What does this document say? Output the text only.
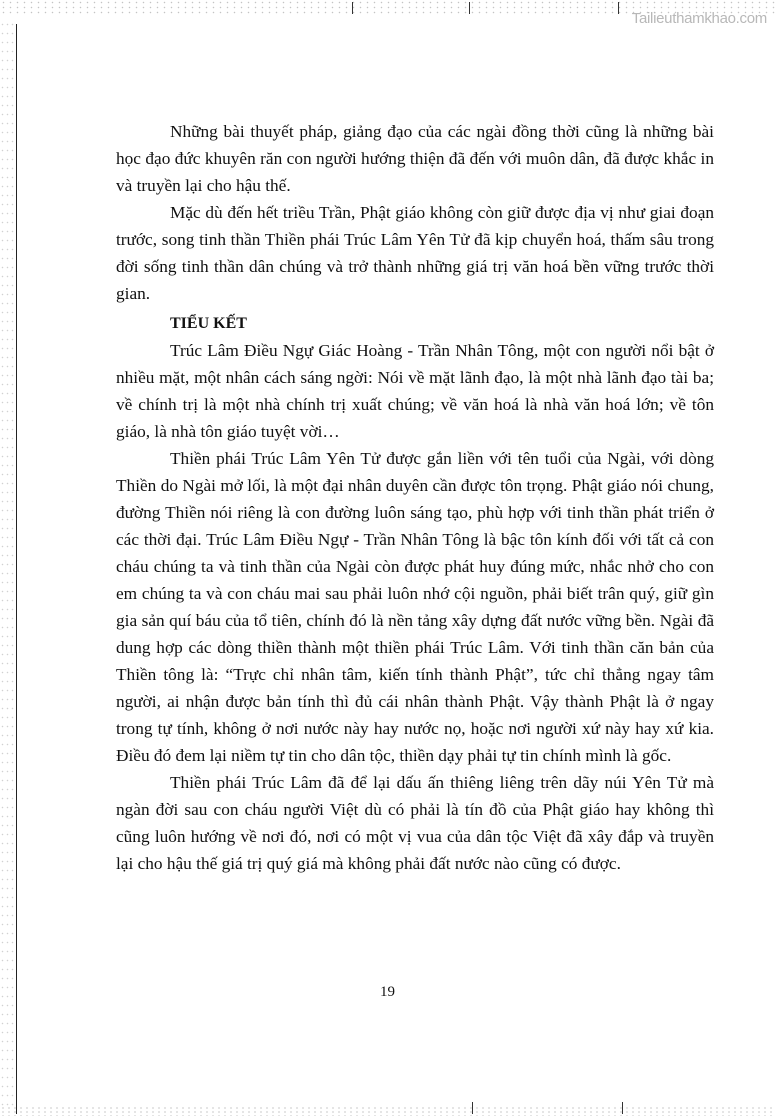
Tailieuthamkhao.com

Những bài thuyết pháp, giảng đạo của các ngài đồng thời cũng là những bài học đạo đức khuyên răn con người hướng thiện đã đến với muôn dân, đã được khắc in và truyền lại cho hậu thế.

Mặc dù đến hết triều Trần, Phật giáo không còn giữ được địa vị như giai đoạn trước, song tinh thần Thiền phái Trúc Lâm Yên Tử đã kịp chuyển hoá, thấm sâu trong đời sống tinh thần dân chúng và trở thành những giá trị văn hoá bền vững trước thời gian.

TIỂU KẾT

Trúc Lâm Điều Ngự Giác Hoàng - Trần Nhân Tông, một con người nổi bật ở nhiều mặt, một nhân cách sáng ngời: Nói về mặt lãnh đạo, là một nhà lãnh đạo tài ba; về chính trị là một nhà chính trị xuất chúng; về văn hoá là nhà văn hoá lớn; về tôn giáo, là nhà tôn giáo tuyệt vời…

Thiền phái Trúc Lâm Yên Tử được gắn liền với tên tuổi của Ngài, với dòng Thiền do Ngài mở lối, là một đại nhân duyên cần được tôn trọng. Phật giáo nói chung, đường Thiền nói riêng là con đường luôn sáng tạo, phù hợp với tinh thần phát triển ở các thời đại. Trúc Lâm Điều Ngự - Trần Nhân Tông là bậc tôn kính đối với tất cả con cháu chúng ta và tinh thần của Ngài còn được phát huy đúng mức, nhắc nhở cho con em chúng ta và con cháu mai sau phải luôn nhớ cội nguồn, phải biết trân quý, giữ gìn gia sản quí báu của tổ tiên, chính đó là nền tảng xây dựng đất nước vững bền. Ngài đã dung hợp các dòng thiền thành một thiền phái Trúc Lâm. Với tinh thần căn bản của Thiền tông là: “Trực chỉ nhân tâm, kiến tính thành Phật”, tức chỉ thẳng ngay tâm người, ai nhận được bản tính thì đủ cái nhân thành Phật. Vậy thành Phật là ở ngay trong tự tính, không ở nơi nước này hay nước nọ, hoặc nơi người xứ này hay xứ kia. Điều đó đem lại niềm tự tin cho dân tộc, thiền dạy phải tự tin chính mình là gốc.

Thiền phái Trúc Lâm đã để lại dấu ấn thiêng liêng trên dãy núi Yên Tử mà ngàn đời sau con cháu người Việt dù có phải là tín đồ của Phật giáo hay không thì cũng luôn hướng về nơi đó, nơi có một vị vua của dân tộc Việt đã xây đắp và truyền lại cho hậu thế giá trị quý giá mà không phải đất nước nào cũng có được.

19
